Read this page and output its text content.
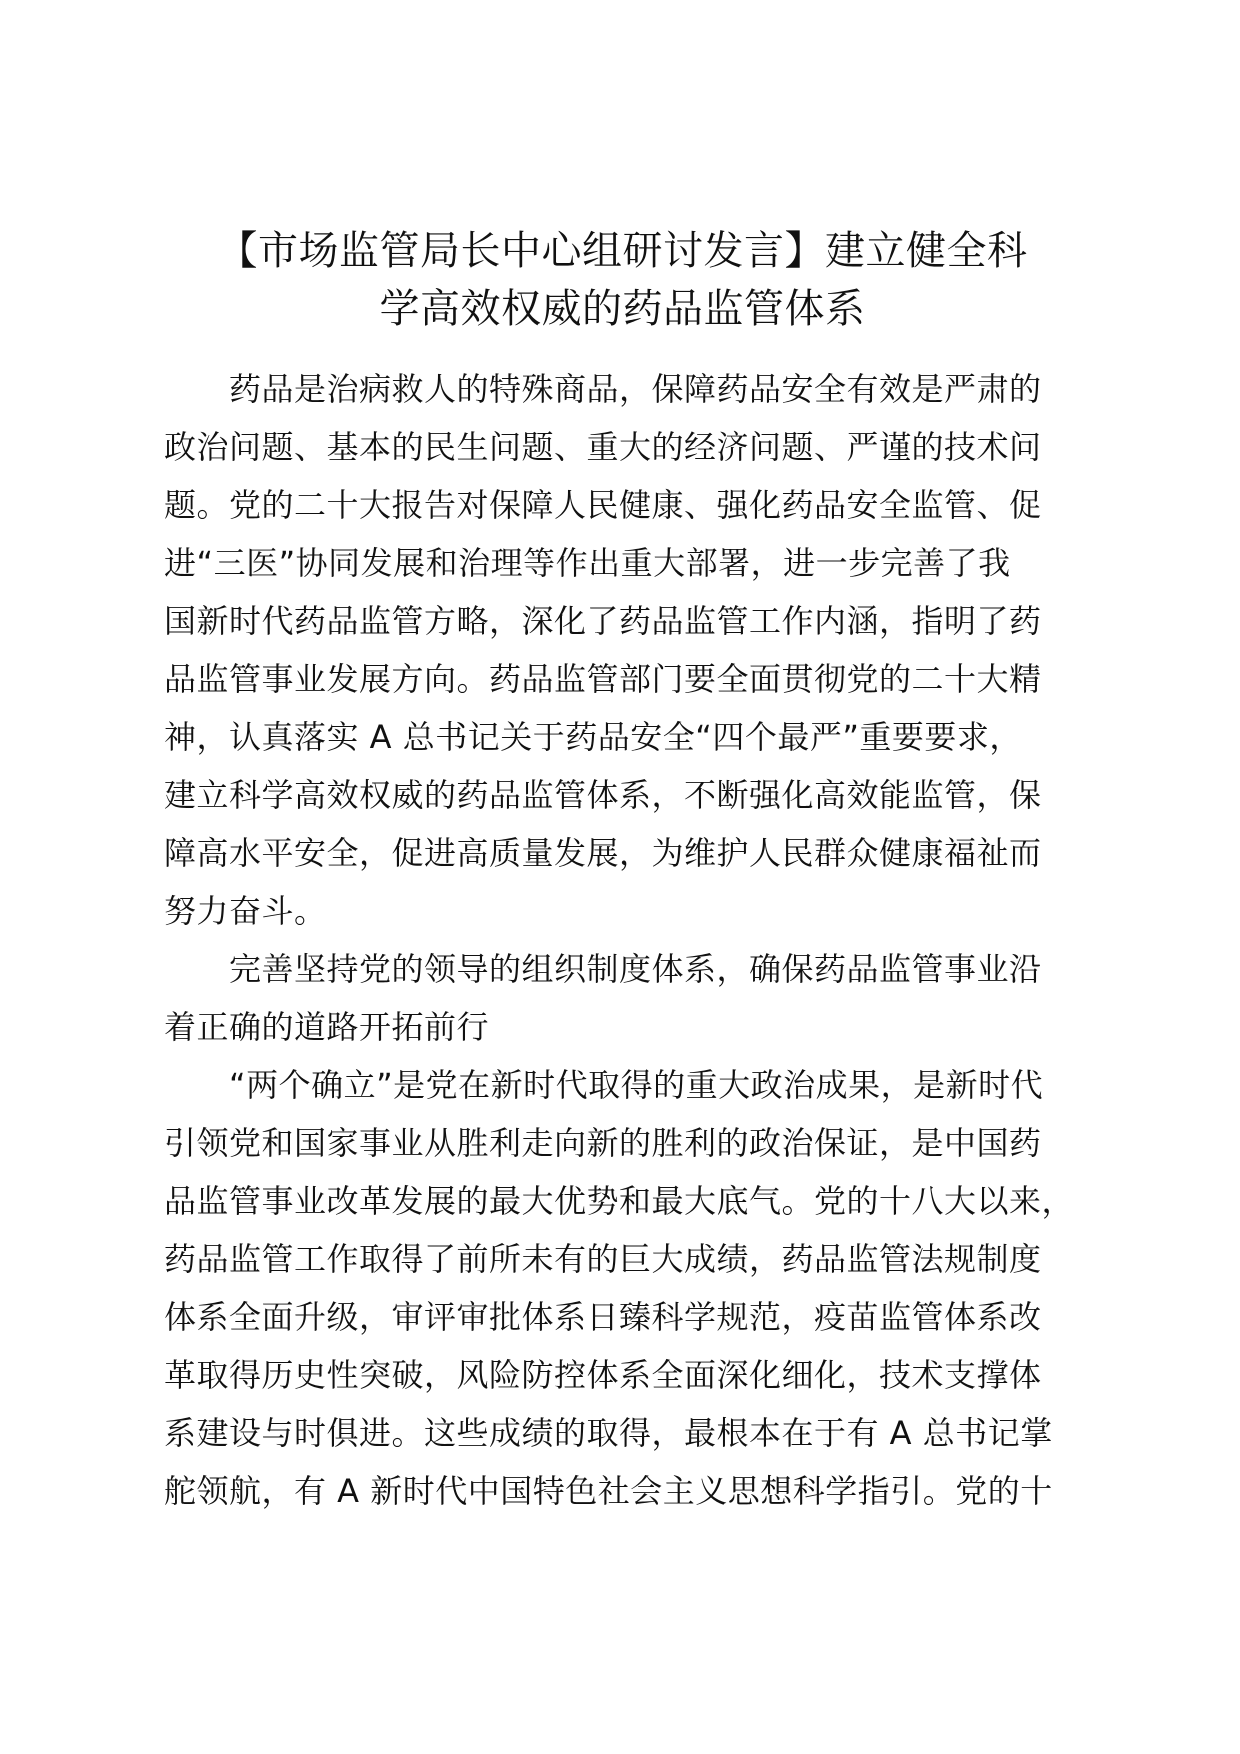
【市场监管局长中心组研讨发言】建立健全科
学高效权威的药品监管体系

　　药品是治病救人的特殊商品，保障药品安全有效是严肃的
政治问题、基本的民生问题、重大的经济问题、严谨的技术问
题。党的二十大报告对保障人民健康、强化药品安全监管、促
进“三医”协同发展和治理等作出重大部署，进一步完善了我
国新时代药品监管方略，深化了药品监管工作内涵，指明了药
品监管事业发展方向。药品监管部门要全面贯彻党的二十大精
神，认真落实 A 总书记关于药品安全“四个最严”重要要求，
建立科学高效权威的药品监管体系，不断强化高效能监管，保
障高水平安全，促进高质量发展，为维护人民群众健康福祉而
努力奋斗。

　　完善坚持党的领导的组织制度体系，确保药品监管事业沿
着正确的道路开拓前行

　　“两个确立”是党在新时代取得的重大政治成果，是新时代
引领党和国家事业从胜利走向新的胜利的政治保证，是中国药
品监管事业改革发展的最大优势和最大底气。党的十八大以来，
药品监管工作取得了前所未有的巨大成绩，药品监管法规制度
体系全面升级，审评审批体系日臻科学规范，疫苗监管体系改
革取得历史性突破，风险防控体系全面深化细化，技术支撑体
系建设与时俱进。这些成绩的取得，最根本在于有 A 总书记掌
舵领航，有 A 新时代中国特色社会主义思想科学指引。党的十
